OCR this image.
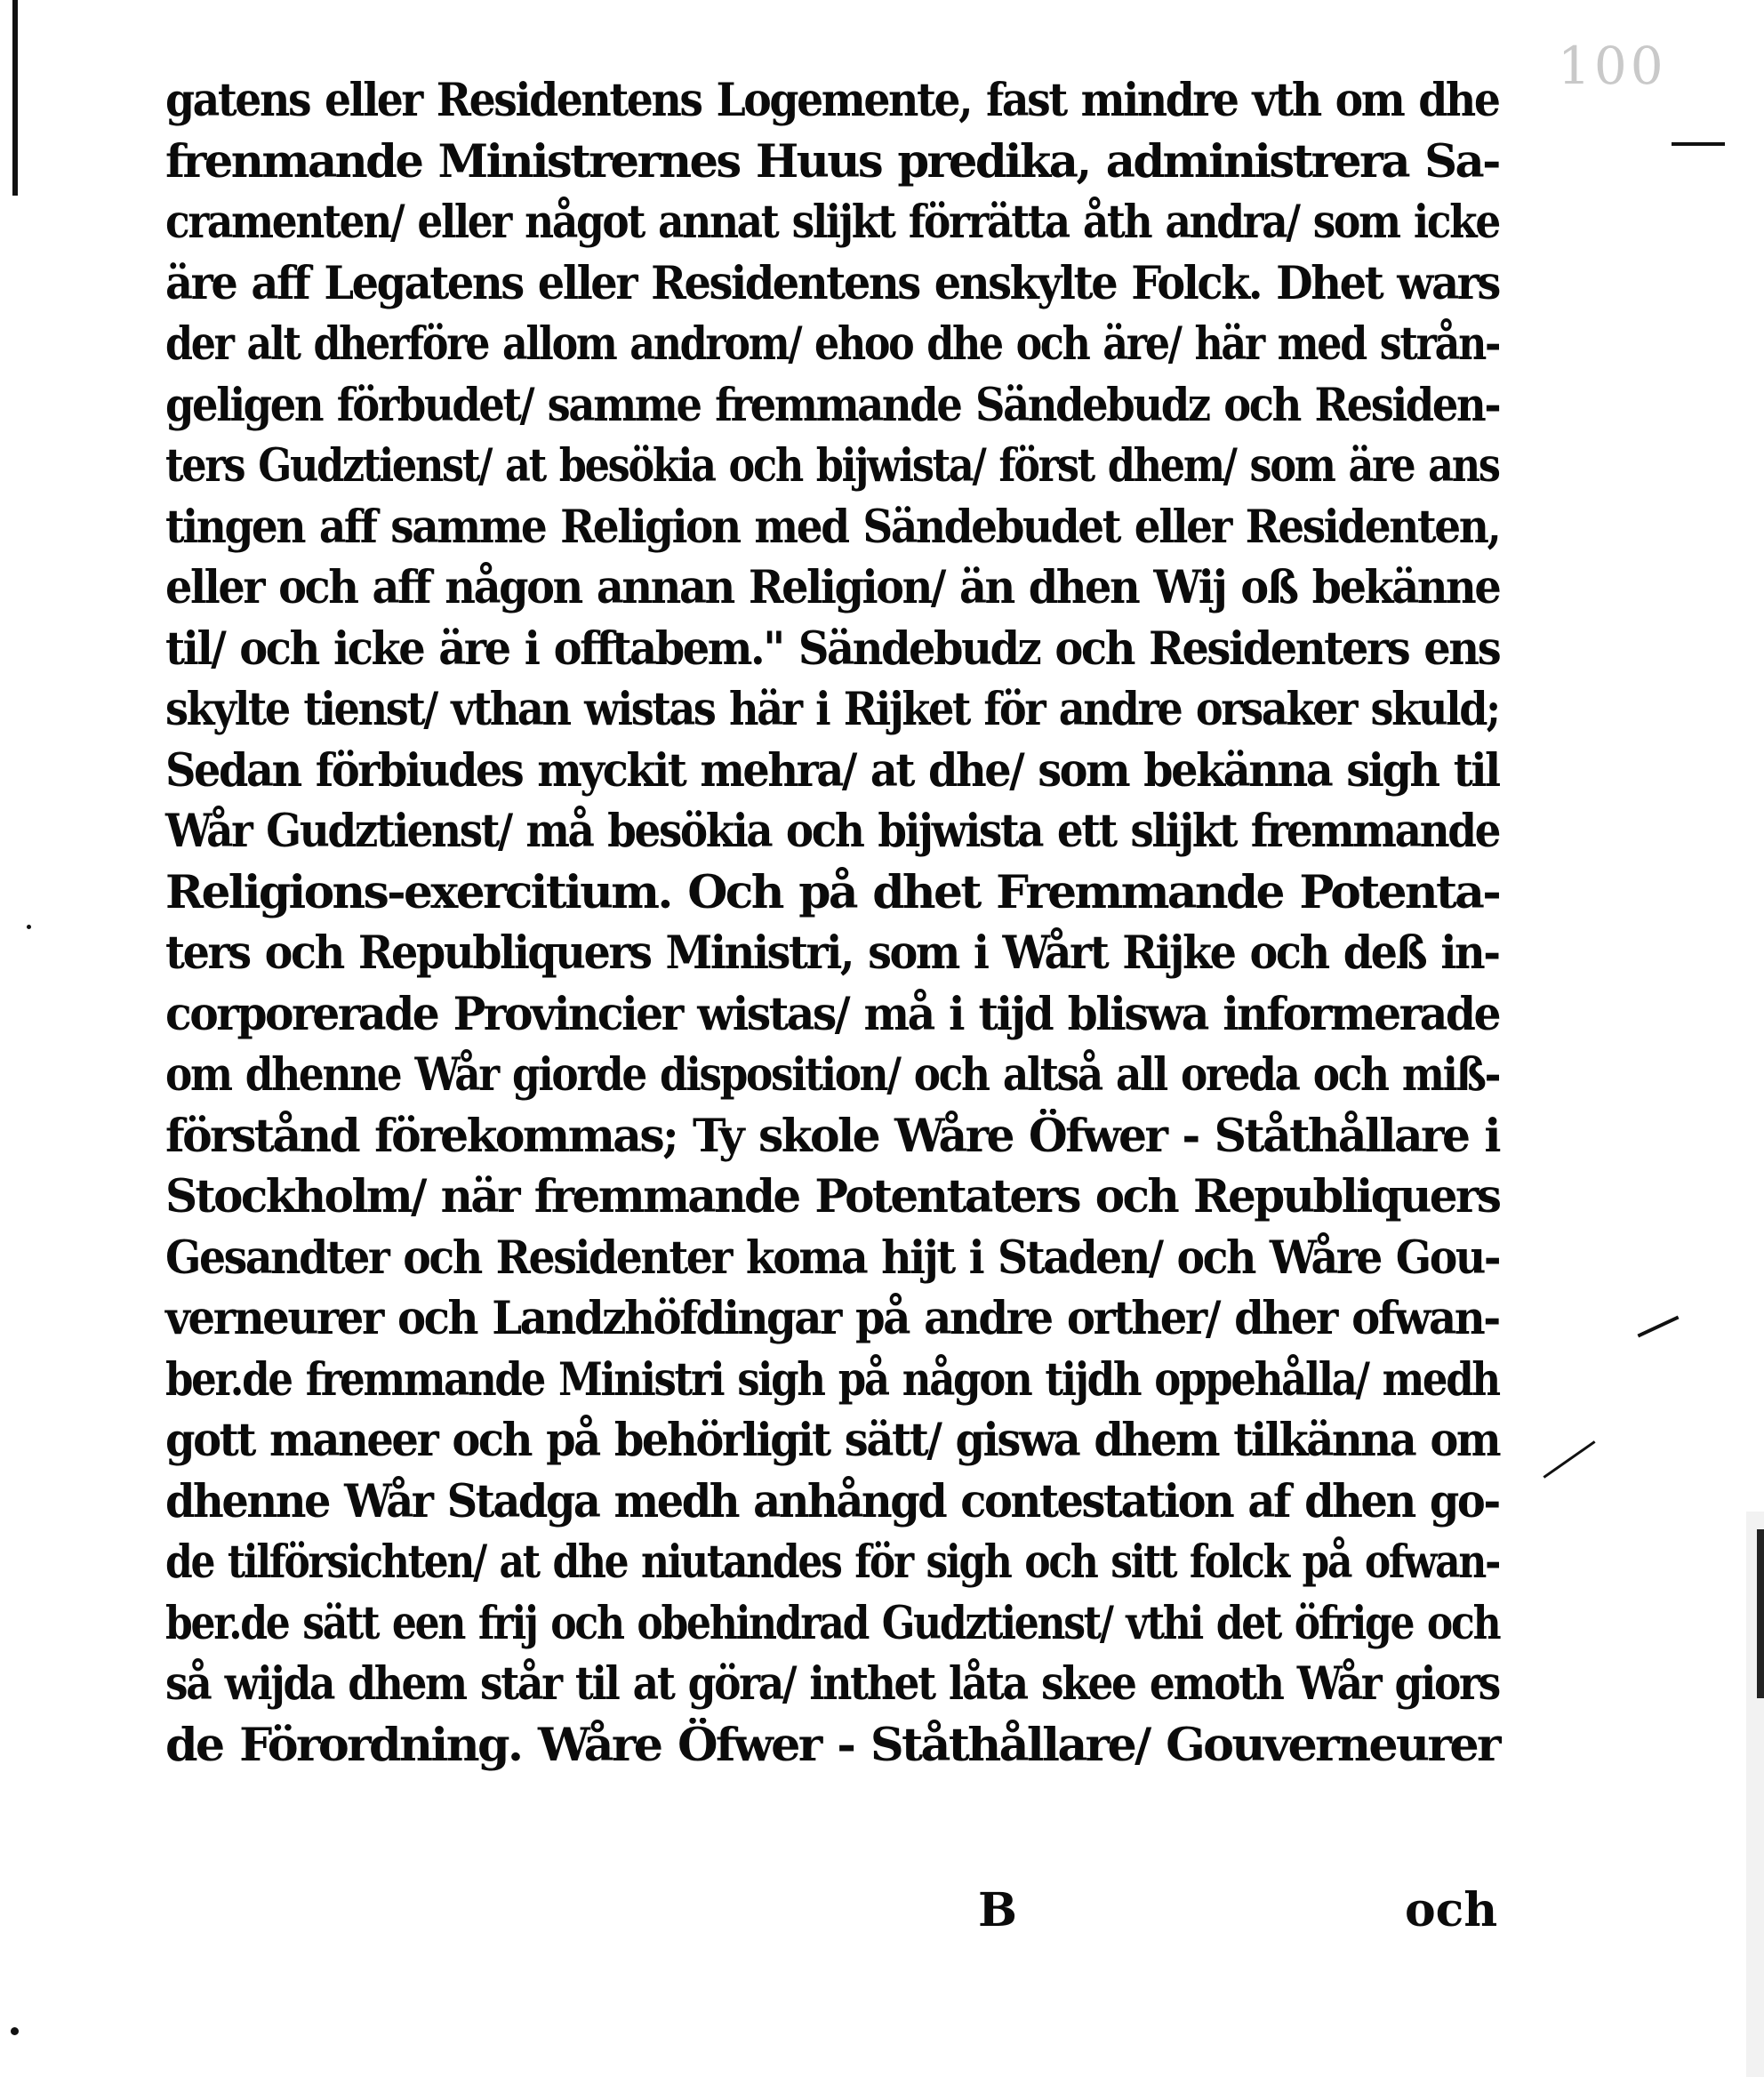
100
gatens eller Residentens Logemente, fast mindre vth om dhe
frenmande Ministrernes Huus predika, administrera Sa-
cramenten/ eller något annat slijkt förrätta åth andra/ som icke
äre aff Legatens eller Residentens enskylte Folck. Dhet wars
der alt dherföre allom androm/ ehoo dhe och äre/ här med strån-
geligen förbudet/ samme fremmande Sändebudz och Residen-
ters Gudztienst/ at besökia och bijwista/ först dhem/ som äre ans
tingen aff samme Religion med Sändebudet eller Residenten,
eller och aff någon annan Religion/ än dhen Wij oß bekänne
til/ och icke äre i offtabem." Sändebudz och Residenters ens
skylte tienst/ vthan wistas här i Rijket för andre orsaker skuld;
Sedan förbiudes myckit mehra/ at dhe/ som bekänna sigh til
Wår Gudztienst/ må besökia och bijwista ett slijkt fremmande
Religions-exercitium. Och på dhet Fremmande Potenta-
ters och Republiquers Ministri, som i Wårt Rijke och deß in-
corporerade Provincier wistas/ må i tijd bliswa informerade
om dhenne Wår giorde disposition/ och altså all oreda och miß-
förstånd förekommas; Ty skole Wåre Öfwer - Ståthållare i
Stockholm/ när fremmande Potentaters och Republiquers
Gesandter och Residenter koma hijt i Staden/ och Wåre Gou-
verneurer och Landzhöfdingar på andre orther/ dher ofwan-
ber.de fremmande Ministri sigh på någon tijdh oppehålla/ medh
gott maneer och på behörligit sätt/ giswa dhem tilkänna om
dhenne Wår Stadga medh anhångd contestation af dhen go-
de tilförsichten/ at dhe niutandes för sigh och sitt folck på ofwan-
ber.de sätt een frij och obehindrad Gudztienst/ vthi det öfrige och
så wijda dhem står til at göra/ inthet låta skee emoth Wår giors
de Förordning. Wåre Öfwer - Ståthållare/ Gouverneurer
B	och
